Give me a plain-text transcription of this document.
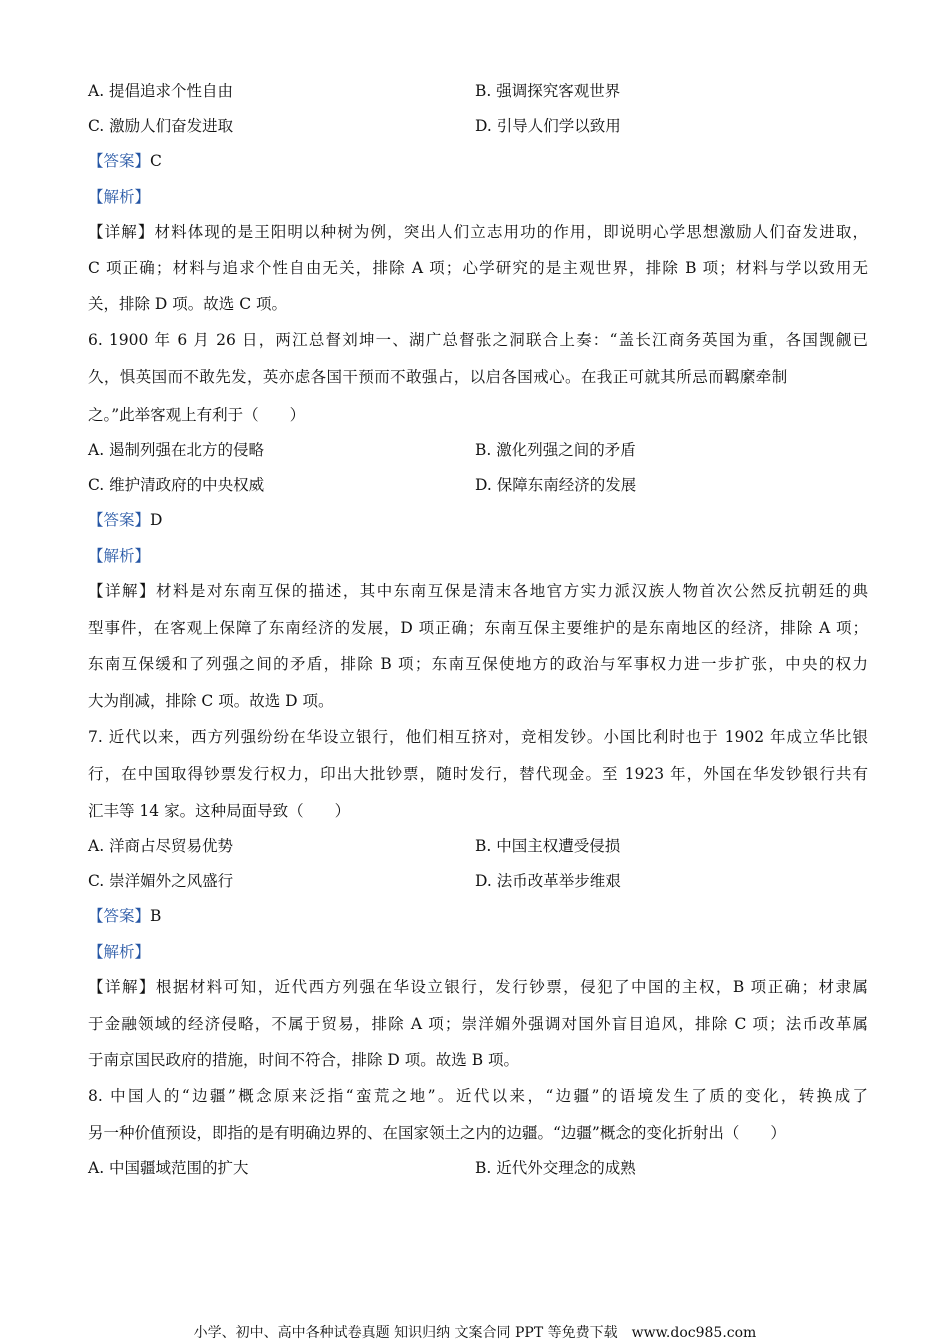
A. 提倡追求个性自由	B. 强调探究客观世界
C. 激励人们奋发进取	D. 引导人们学以致用
【答案】C
【解析】
【详解】材料体现的是王阳明以种树为例，突出人们立志用功的作用，即说明心学思想激励人们奋发进取，
C 项正确；材料与追求个性自由无关，排除 A 项；心学研究的是主观世界，排除 B 项；材料与学以致用无
关，排除 D 项。故选 C 项。
6. 1900 年 6 月 26 日，两江总督刘坤一、湖广总督张之洞联合上奏：“盖长江商务英国为重，各国觊觎已
久，惧英国而不敢先发，英亦虑各国干预而不敢强占，以启各国戒心。在我正可就其所忌而羁縻牵制
之。”此举客观上有利于（　　）
A. 遏制列强在北方的侵略	B. 激化列强之间的矛盾
C. 维护清政府的中央权威	D. 保障东南经济的发展
【答案】D
【解析】
【详解】材料是对东南互保的描述，其中东南互保是清末各地官方实力派汉族人物首次公然反抗朝廷的典
型事件，在客观上保障了东南经济的发展，D 项正确；东南互保主要维护的是东南地区的经济，排除 A 项；
东南互保缓和了列强之间的矛盾，排除 B 项；东南互保使地方的政治与军事权力进一步扩张，中央的权力
大为削减，排除 C 项。故选 D 项。
7. 近代以来，西方列强纷纷在华设立银行，他们相互挤对，竞相发钞。小国比利时也于 1902 年成立华比银
行，在中国取得钞票发行权力，印出大批钞票，随时发行，替代现金。至 1923 年，外国在华发钞银行共有
汇丰等 14 家。这种局面导致（　　）
A. 洋商占尽贸易优势	B. 中国主权遭受侵损
C. 崇洋媚外之风盛行	D. 法币改革举步维艰
【答案】B
【解析】
【详解】根据材料可知，近代西方列强在华设立银行，发行钞票，侵犯了中国的主权，B 项正确；材隶属
于金融领域的经济侵略，不属于贸易，排除 A 项；崇洋媚外强调对国外盲目追风，排除 C 项；法币改革属
于南京国民政府的措施，时间不符合，排除 D 项。故选 B 项。
8. 中国人的“边疆”概念原来泛指“蛮荒之地”。近代以来，“边疆”的语境发生了质的变化，转换成了
另一种价值预设，即指的是有明确边界的、在国家领土之内的边疆。“边疆”概念的变化折射出（　　）
A. 中国疆域范围的扩大	B. 近代外交理念的成熟
小学、初中、高中各种试卷真题 知识归纳 文案合同 PPT 等免费下载 www.doc985.com
